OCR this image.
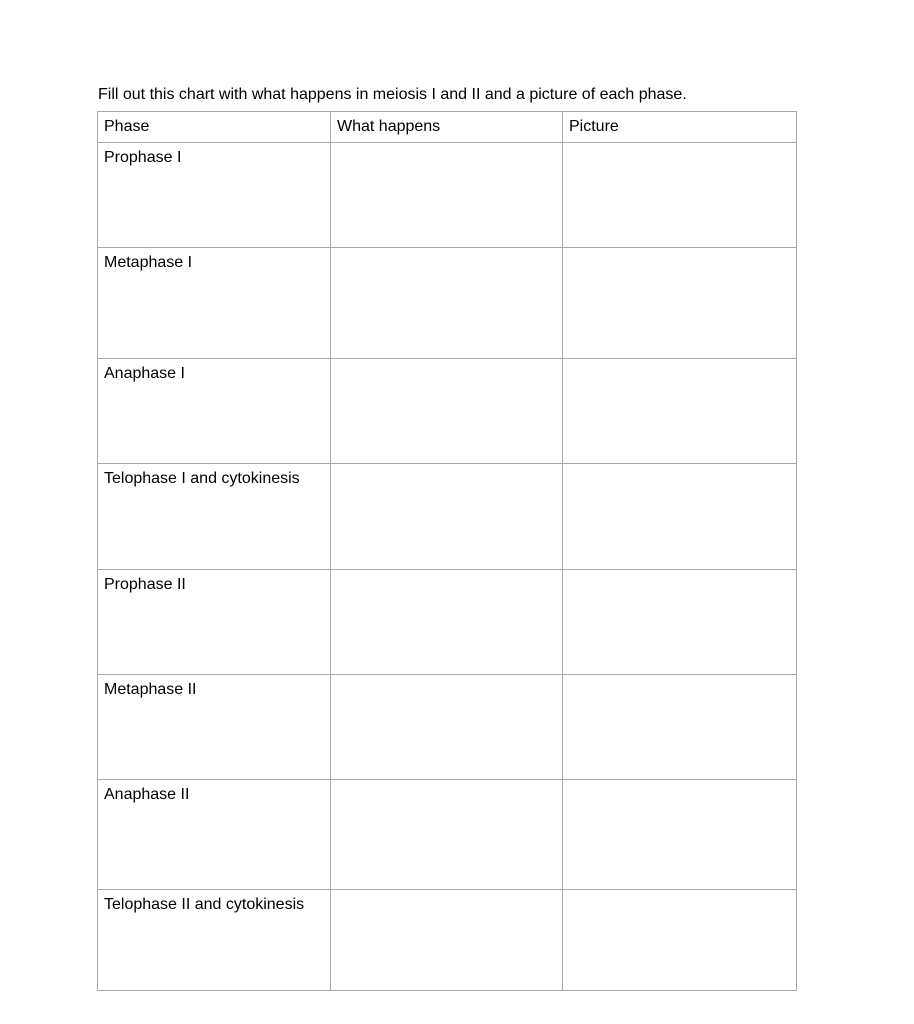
Fill out this chart with what happens in meiosis I and II and a picture of each phase.
Phase	What happens	Picture
Prophase I		
Metaphase I		
Anaphase I		
Telophase I and cytokinesis		
Prophase II		
Metaphase II		
Anaphase II		
Telophase II and cytokinesis		
